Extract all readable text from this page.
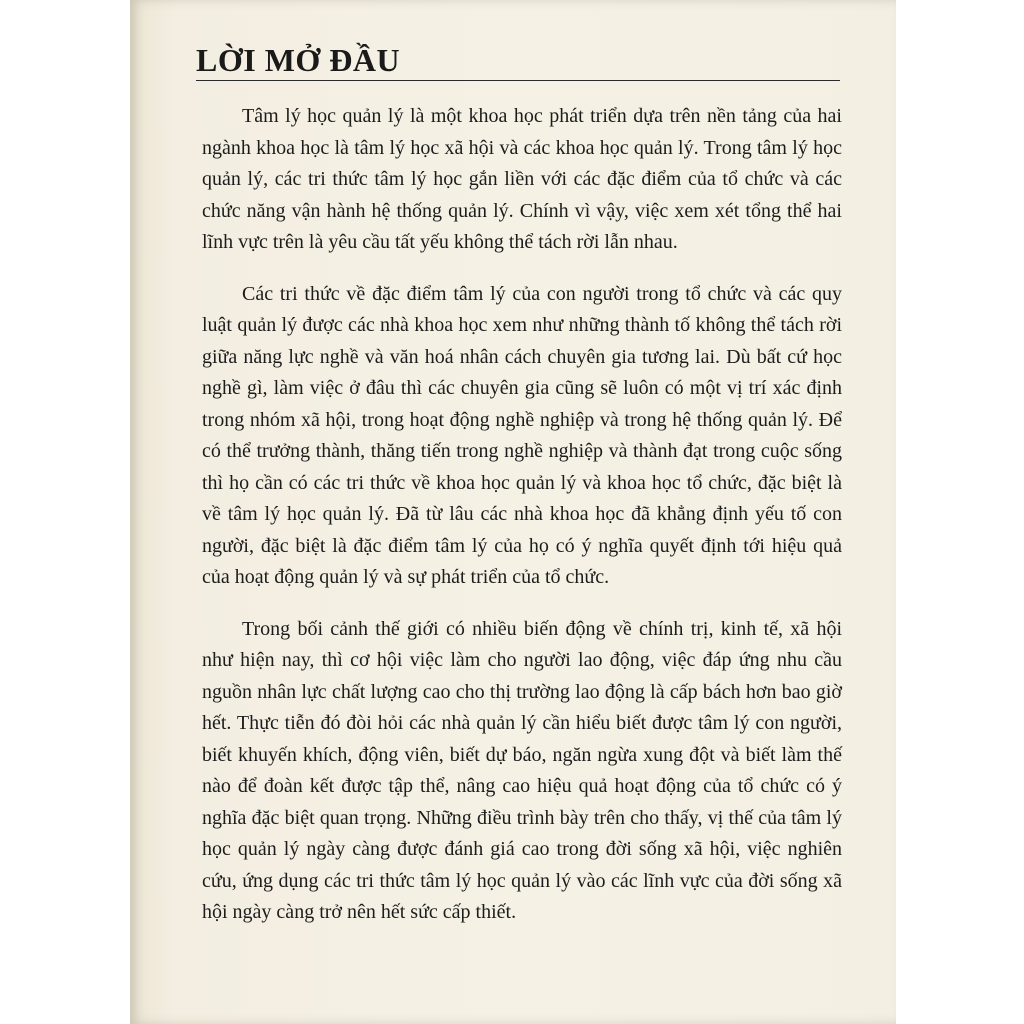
LỜI MỞ ĐẦU

Tâm lý học quản lý là một khoa học phát triển dựa trên nền tảng của hai ngành khoa học là tâm lý học xã hội và các khoa học quản lý. Trong tâm lý học quản lý, các tri thức tâm lý học gắn liền với các đặc điểm của tổ chức và các chức năng vận hành hệ thống quản lý. Chính vì vậy, việc xem xét tổng thể hai lĩnh vực trên là yêu cầu tất yếu không thể tách rời lẫn nhau.

Các tri thức về đặc điểm tâm lý của con người trong tổ chức và các quy luật quản lý được các nhà khoa học xem như những thành tố không thể tách rời giữa năng lực nghề và văn hoá nhân cách chuyên gia tương lai. Dù bất cứ học nghề gì, làm việc ở đâu thì các chuyên gia cũng sẽ luôn có một vị trí xác định trong nhóm xã hội, trong hoạt động nghề nghiệp và trong hệ thống quản lý. Để có thể trưởng thành, thăng tiến trong nghề nghiệp và thành đạt trong cuộc sống thì họ cần có các tri thức về khoa học quản lý và khoa học tổ chức, đặc biệt là về tâm lý học quản lý. Đã từ lâu các nhà khoa học đã khẳng định yếu tố con người, đặc biệt là đặc điểm tâm lý của họ có ý nghĩa quyết định tới hiệu quả của hoạt động quản lý và sự phát triển của tổ chức.

Trong bối cảnh thế giới có nhiều biến động về chính trị, kinh tế, xã hội như hiện nay, thì cơ hội việc làm cho người lao động, việc đáp ứng nhu cầu nguồn nhân lực chất lượng cao cho thị trường lao động là cấp bách hơn bao giờ hết. Thực tiễn đó đòi hỏi các nhà quản lý cần hiểu biết được tâm lý con người, biết khuyến khích, động viên, biết dự báo, ngăn ngừa xung đột và biết làm thế nào để đoàn kết được tập thể, nâng cao hiệu quả hoạt động của tổ chức có ý nghĩa đặc biệt quan trọng. Những điều trình bày trên cho thấy, vị thế của tâm lý học quản lý ngày càng được đánh giá cao trong đời sống xã hội, việc nghiên cứu, ứng dụng các tri thức tâm lý học quản lý vào các lĩnh vực của đời sống xã hội ngày càng trở nên hết sức cấp thiết.
